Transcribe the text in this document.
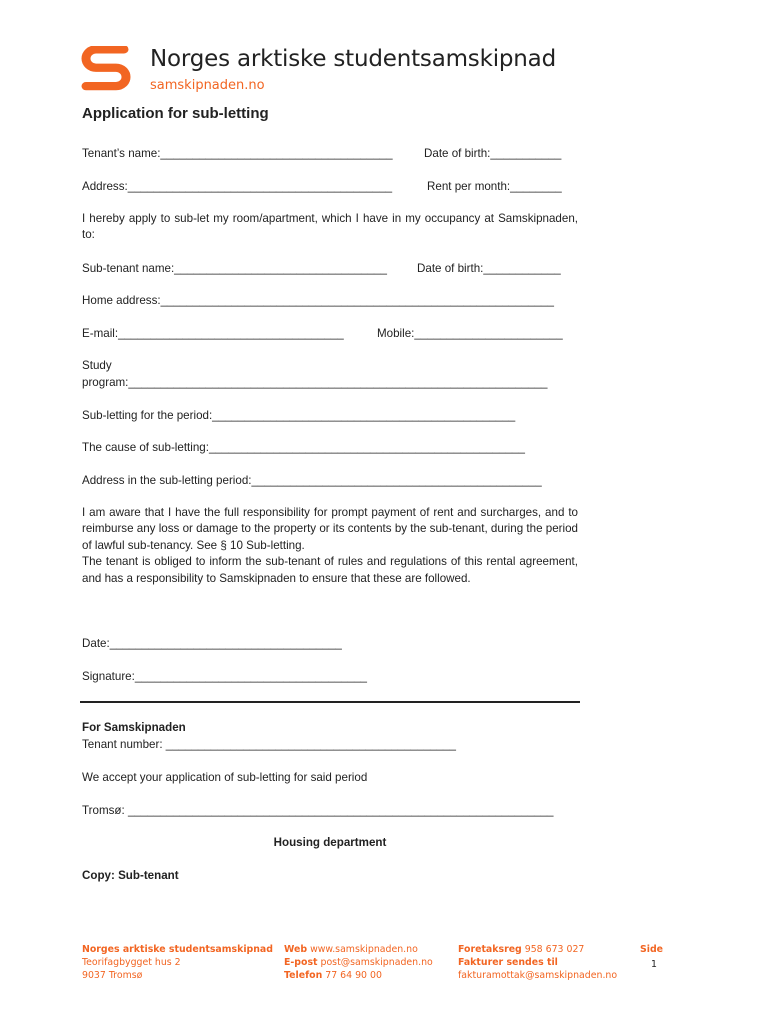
Norges arktiske studentsamskipnad
samskipnaden.no
Application for sub-letting
Tenant’s name:____________________________________	Date of birth:___________
Address:_________________________________________	Rent per month:________

I hereby apply to sub-let my room/apartment, which I have in my occupancy at Samskipnaden, to:

Sub-tenant name:_________________________________	Date of birth:____________
Home address:_____________________________________________________________
E-mail:___________________________________	Mobile:_______________________
Study
program:_________________________________________________________________
Sub-letting for the period:_______________________________________________
The cause of sub-letting:_________________________________________________
Address in the sub-letting period:_____________________________________________

I am aware that I have the full responsibility for prompt payment of rent and surcharges, and to reimburse any loss or damage to the property or its contents by the sub-tenant, during the period of lawful sub-tenancy. See § 10 Sub-letting.

The tenant is obliged to inform the sub-tenant of rules and regulations of this rental agreement, and has a responsibility to Samskipnaden to ensure that these are followed.

Date:____________________________________
Signature:____________________________________
For Samskipnaden
Tenant number: _____________________________________________
We accept your application of sub-letting for said period
Tromsø: __________________________________________________________________
Housing department
Copy: Sub-tenant
Norges arktiske studentsamskipnad
Teorifagbygget hus 2
9037 Tromsø
Web www.samskipnaden.no
E-post post@samskipnaden.no
Telefon 77 64 90 00
Foretaksreg 958 673 027
Fakturer sendes til
fakturamottak@samskipnaden.no
Side
1
